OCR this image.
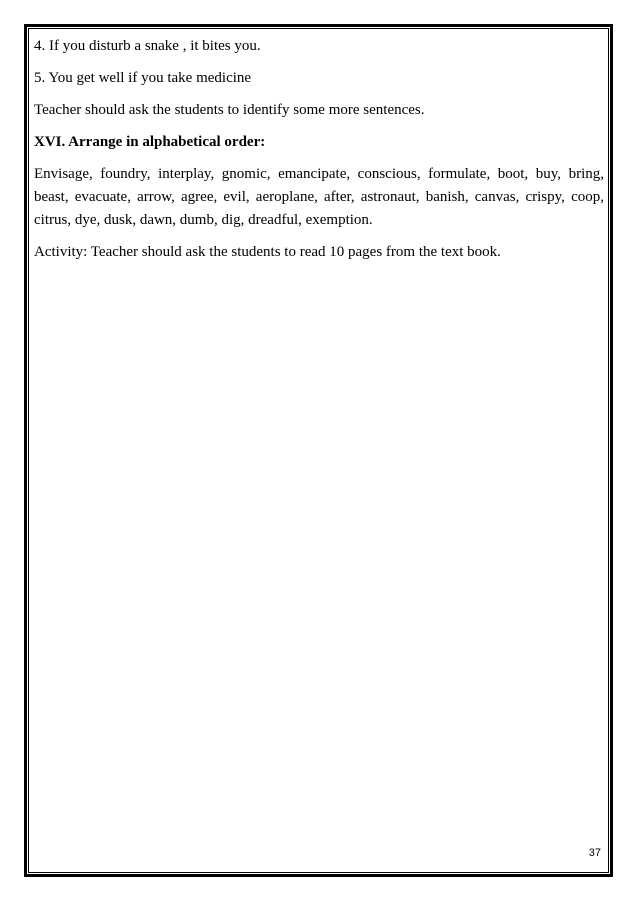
4. If you disturb a snake , it bites you.

5. You get well if you take medicine

Teacher should ask the students to identify some more sentences.

XVI. Arrange in alphabetical order:

Envisage, foundry, interplay, gnomic, emancipate, conscious, formulate, boot, buy, bring, beast, evacuate, arrow, agree, evil, aeroplane, after, astronaut, banish, canvas, crispy, coop, citrus, dye, dusk, dawn, dumb, dig, dreadful, exemption.

Activity: Teacher should ask the students to read 10 pages from the text book.

37
